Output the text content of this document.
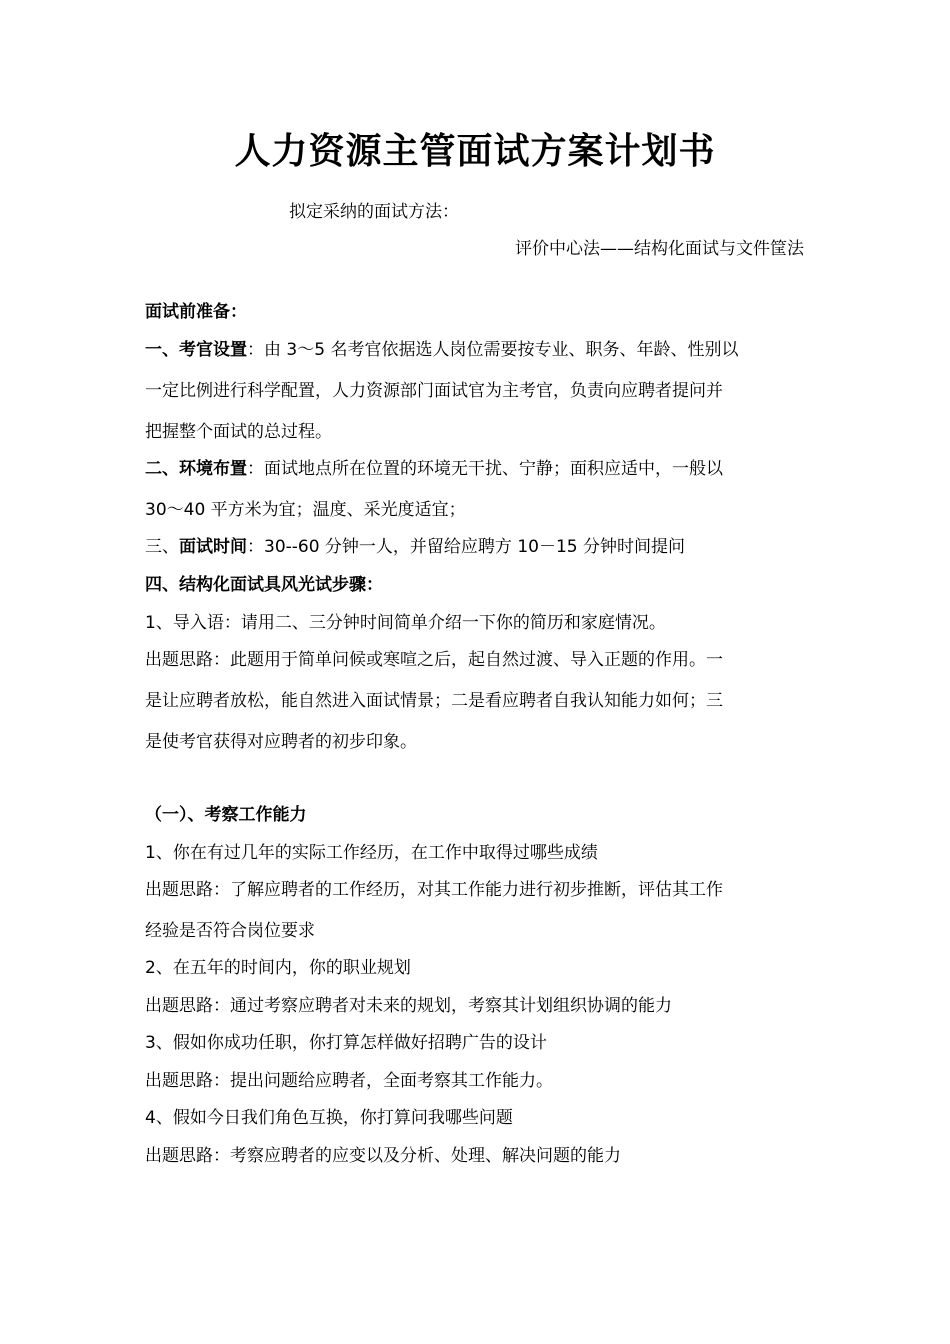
人力资源主管面试方案计划书
拟定采纳的面试方法：
评价中心法——结构化面试与文件筐法
面试前准备：
一、考官设置：由 3～5 名考官依据选人岗位需要按专业、职务、年龄、性别以
一定比例进行科学配置，人力资源部门面试官为主考官，负责向应聘者提问并
把握整个面试的总过程。
二、环境布置：面试地点所在位置的环境无干扰、宁静；面积应适中，一般以
30～40 平方米为宜；温度、采光度适宜；
三、面试时间：30--60 分钟一人，并留给应聘方 10－15 分钟时间提问
四、结构化面试具风光试步骤：
1、导入语：请用二、三分钟时间简单介绍一下你的简历和家庭情况。
出题思路：此题用于简单问候或寒喧之后，起自然过渡、导入正题的作用。一
是让应聘者放松，能自然进入面试情景；二是看应聘者自我认知能力如何；三
是使考官获得对应聘者的初步印象。
（一）、考察工作能力
1、你在有过几年的实际工作经历，在工作中取得过哪些成绩
出题思路：了解应聘者的工作经历，对其工作能力进行初步推断，评估其工作
经验是否符合岗位要求
2、在五年的时间内，你的职业规划
出题思路：通过考察应聘者对未来的规划，考察其计划组织协调的能力
3、假如你成功任职，你打算怎样做好招聘广告的设计
出题思路：提出问题给应聘者，全面考察其工作能力。
4、假如今日我们角色互换，你打算问我哪些问题
出题思路：考察应聘者的应变以及分析、处理、解决问题的能力
